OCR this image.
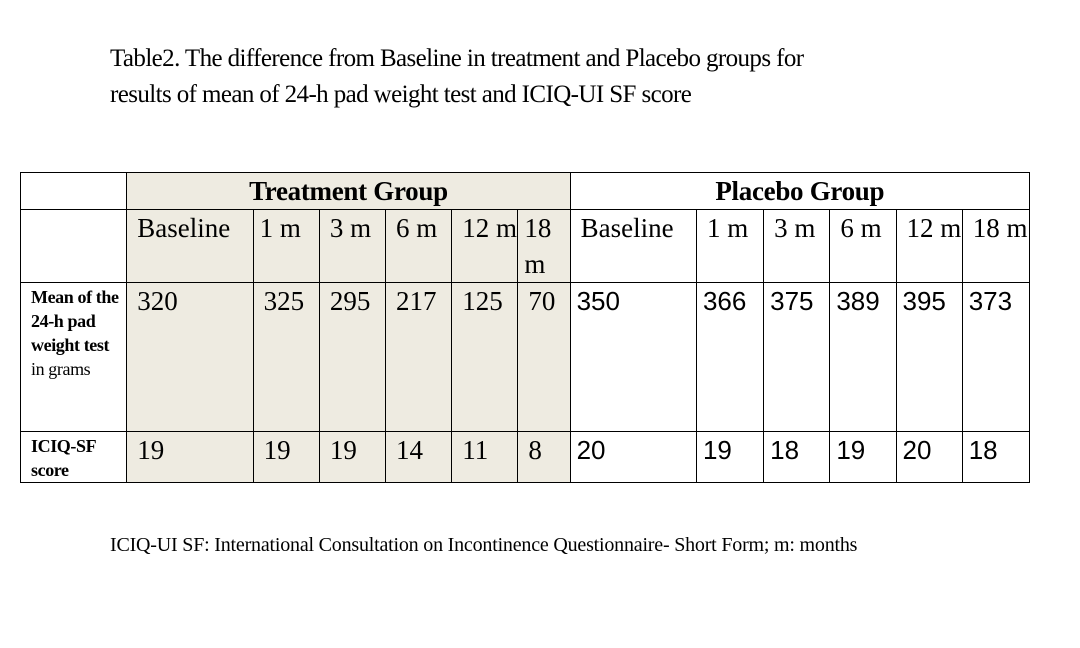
Table2. The difference from Baseline in treatment and Placebo groups for
results of mean of 24-h pad weight test and ICIQ-UI SF score
	Treatment Group						Placebo Group					
	Baseline	1 m	3 m	6 m	12 m	18 m	Baseline	1 m	3 m	6 m	12 m	18 m
Mean of the 24-h pad weight test in grams	320	325	295	217	125	70	350	366	375	389	395	373
ICIQ-SF score	19	19	19	14	11	8	20	19	18	19	20	18
ICIQ-UI SF: International Consultation on Incontinence Questionnaire- Short Form; m: months
